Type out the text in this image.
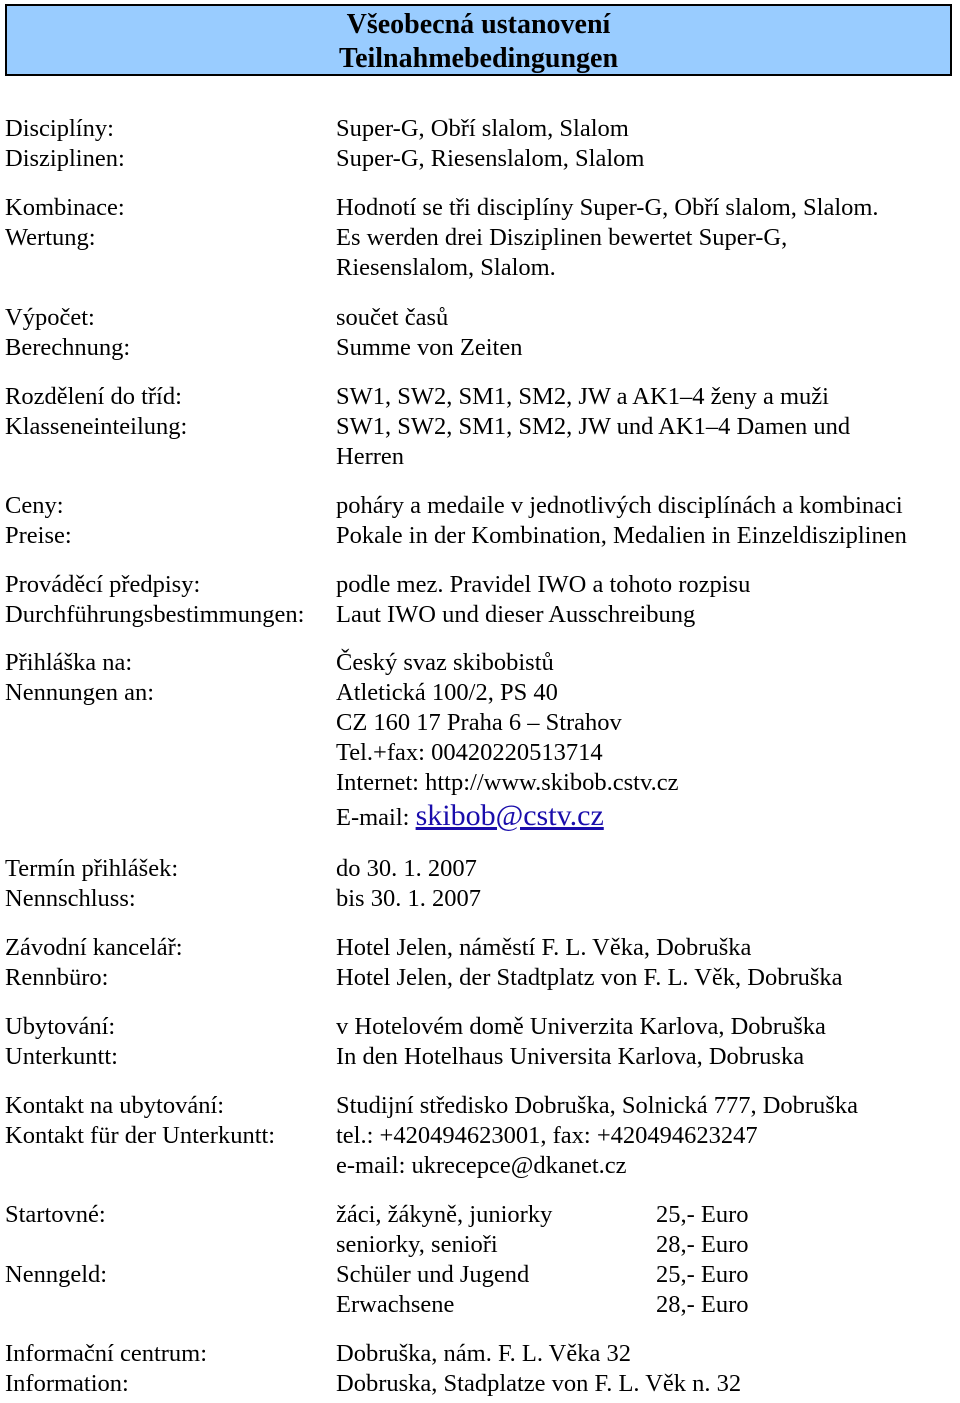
Všeobecná ustanovení
Teilnahmebedingungen
Disciplíny:
Disziplinen:
Super-G, Obří slalom, Slalom
Super-G, Riesenslalom, Slalom
Kombinace:
Wertung:
Hodnotí se tři disciplíny Super-G, Obří slalom, Slalom.
Es werden drei Disziplinen bewertet Super-G,
Riesenslalom, Slalom.
Výpočet:
Berechnung:
součet časů
Summe von Zeiten
Rozdělení do tříd:
Klasseneinteilung:
SW1, SW2, SM1, SM2, JW a AK1–4 ženy a muži
SW1, SW2, SM1, SM2, JW und AK1–4 Damen und
Herren
Ceny:
Preise:
poháry a medaile v jednotlivých disciplínách a kombinaci
Pokale in der Kombination, Medalien in Einzeldisziplinen
Prováděcí předpisy:
Durchführungsbestimmungen:
podle mez. Pravidel IWO a tohoto rozpisu
Laut IWO und dieser Ausschreibung
Přihláška na:
Nennungen an:
Český svaz skibobistů
Atletická 100/2, PS 40
CZ 160 17 Praha 6 – Strahov
Tel.+fax: 00420220513714
Internet: http://www.skibob.cstv.cz
E-mail: skibob@cstv.cz
Termín přihlášek:
Nennschluss:
do 30. 1. 2007
bis 30. 1. 2007
Závodní kancelář:
Rennbüro:
Hotel Jelen, náměstí F. L. Věka, Dobruška
Hotel Jelen, der Stadtplatz von F. L. Věk, Dobruška
Ubytování:
Unterkuntt:
v Hotelovém domě Univerzita Karlova, Dobruška
In den Hotelhaus Universita Karlova, Dobruska
Kontakt na ubytování:
Kontakt für der Unterkuntt:
Studijní středisko Dobruška, Solnická 777, Dobruška
tel.: +420494623001, fax: +420494623247
e-mail: ukrecepce@dkanet.cz
Startovné:
Nenngeld:
žáci, žákyně, juniorky
seniorky, senioři
Schüler und Jugend
Erwachsene
25,- Euro
28,- Euro
25,- Euro
28,- Euro
Informační centrum:
Information:
Dobruška, nám. F. L. Věka 32
Dobruska, Stadplatze von F. L. Věk n. 32
